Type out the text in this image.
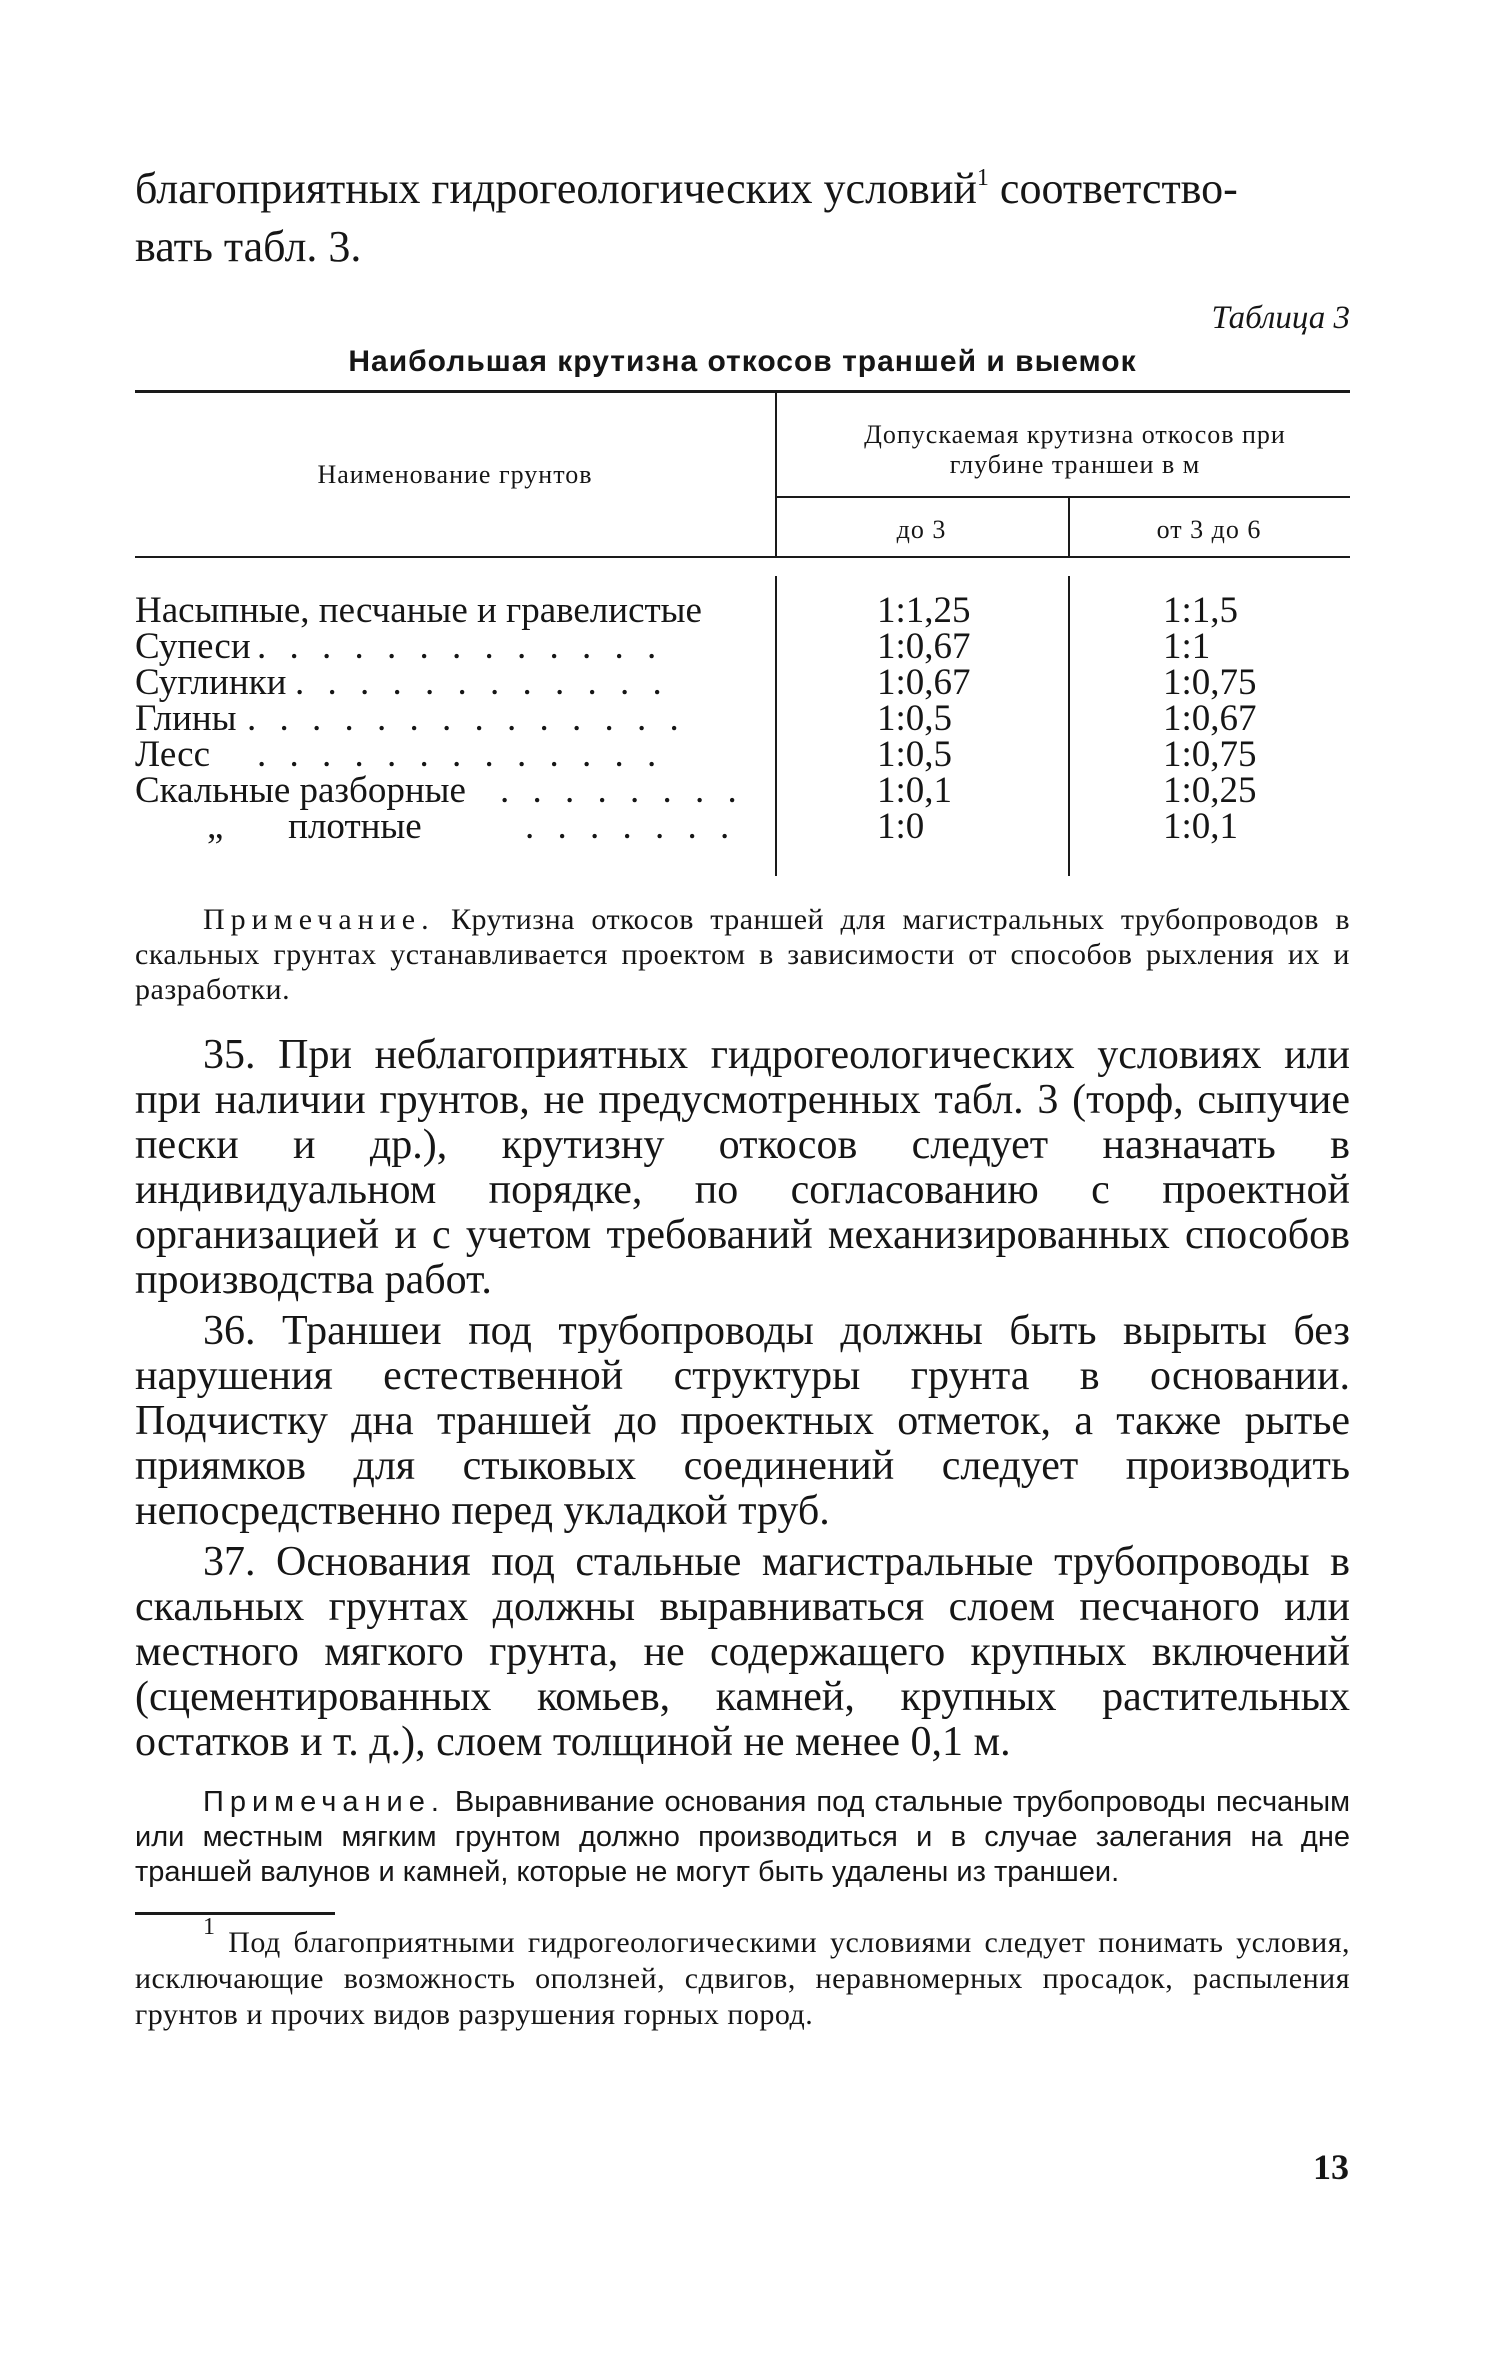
благоприятных гидрогеологических условий$^1$ соответство-
вать табл. 3.

Таблица 3
Наибольшая крутизна откосов траншей и выемок
Наименование грунтов
Допускаемая крутизна откосов при глубине траншеи в м
до 3	от 3 до 6
Насыпные, песчаные и гравелистые	1:1,25	1:1,5
Супеси . . . . . . . . . . . . .	1:0,67	1:1
Суглинки . . . . . . . . . . . .	1:0,67	1:0,75
Глины . . . . . . . . . . . . . .	1:0,5	1:0,67
Лесс . . . . . . . . . . . . .	1:0,5	1:0,75
Скальные разборные . . . . . . . .	1:0,1	1:0,25
„       плотные	. . . . . . .	1:0	1:0,1

Примечание. Крутизна откосов траншей для магистральных трубопроводов в скальных грунтах устанавливается проектом в зависимости от способов рыхления их и разработки.

35. При неблагоприятных гидрогеологических условиях или при наличии грунтов, не предусмотренных табл. 3 (торф, сыпучие пески и др.), крутизну откосов следует назначать в индивидуальном порядке, по согласованию с проектной организацией и с учетом требований механизированных способов производства работ.

36. Траншеи под трубопроводы должны быть вырыты без нарушения естественной структуры грунта в основании. Подчистку дна траншей до проектных отметок, а также рытье приямков для стыковых соединений следует производить непосредственно перед укладкой труб.

37. Основания под стальные магистральные трубопроводы в скальных грунтах должны выравниваться слоем песчаного или местного мягкого грунта, не содержащего крупных включений (сцементированных комьев, камней, крупных растительных остатков и т. д.), слоем толщиной не менее 0,1 м.

Примечание. Выравнивание основания под стальные трубопроводы песчаным или местным мягким грунтом должно производиться и в случае залегания на дне траншей валунов и камней, которые не могут быть удалены из траншеи.

$^1$ Под благоприятными гидрогеологическими условиями следует понимать условия, исключающие возможность оползней, сдвигов, неравномерных просадок, распыления грунтов и прочих видов разрушения горных пород.

13
